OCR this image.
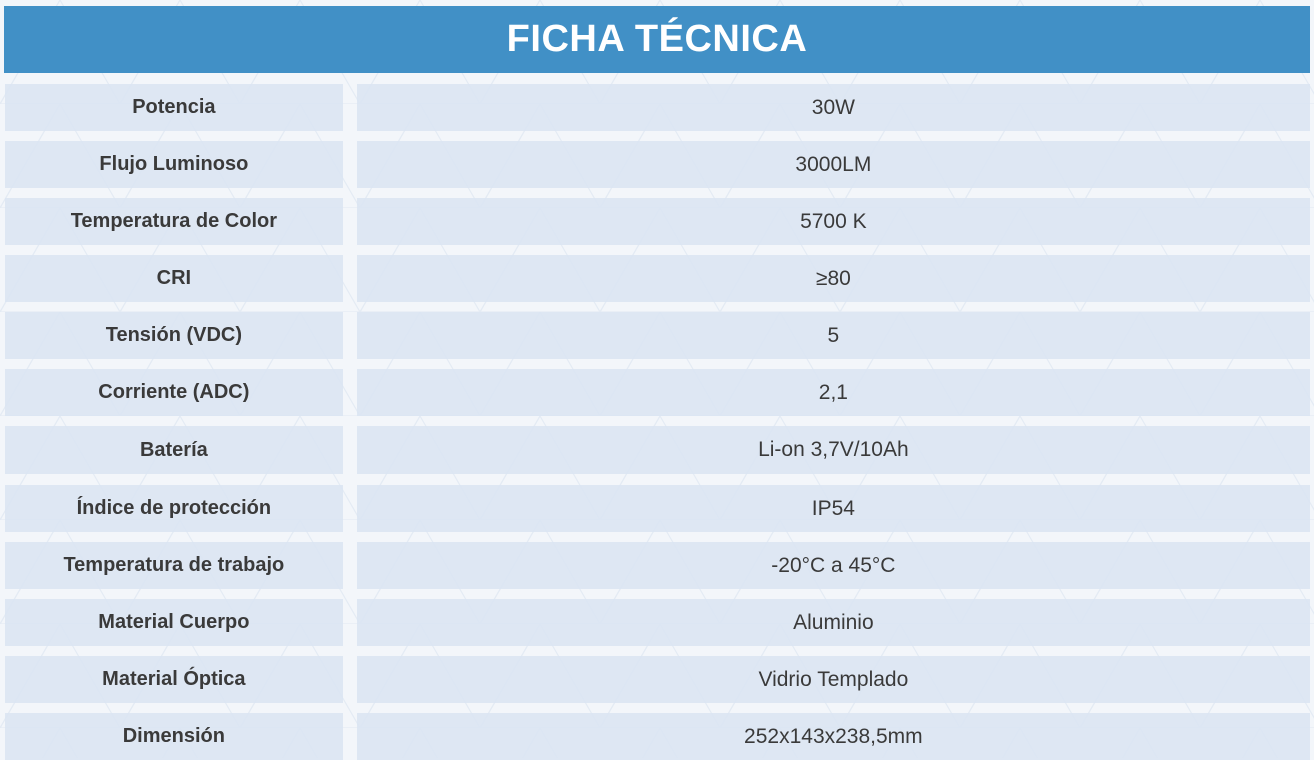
FICHA TÉCNICA
Potencia	30W
Flujo Luminoso	3000LM
Temperatura de Color	5700 K
CRI	≥80
Tensión (VDC)	5
Corriente (ADC)	2,1
Batería	Li-on 3,7V/10Ah
Índice de protección	IP54
Temperatura de trabajo	-20°C a 45°C
Material Cuerpo	Aluminio
Material Óptica	Vidrio Templado
Dimensión	252x143x238,5mm
